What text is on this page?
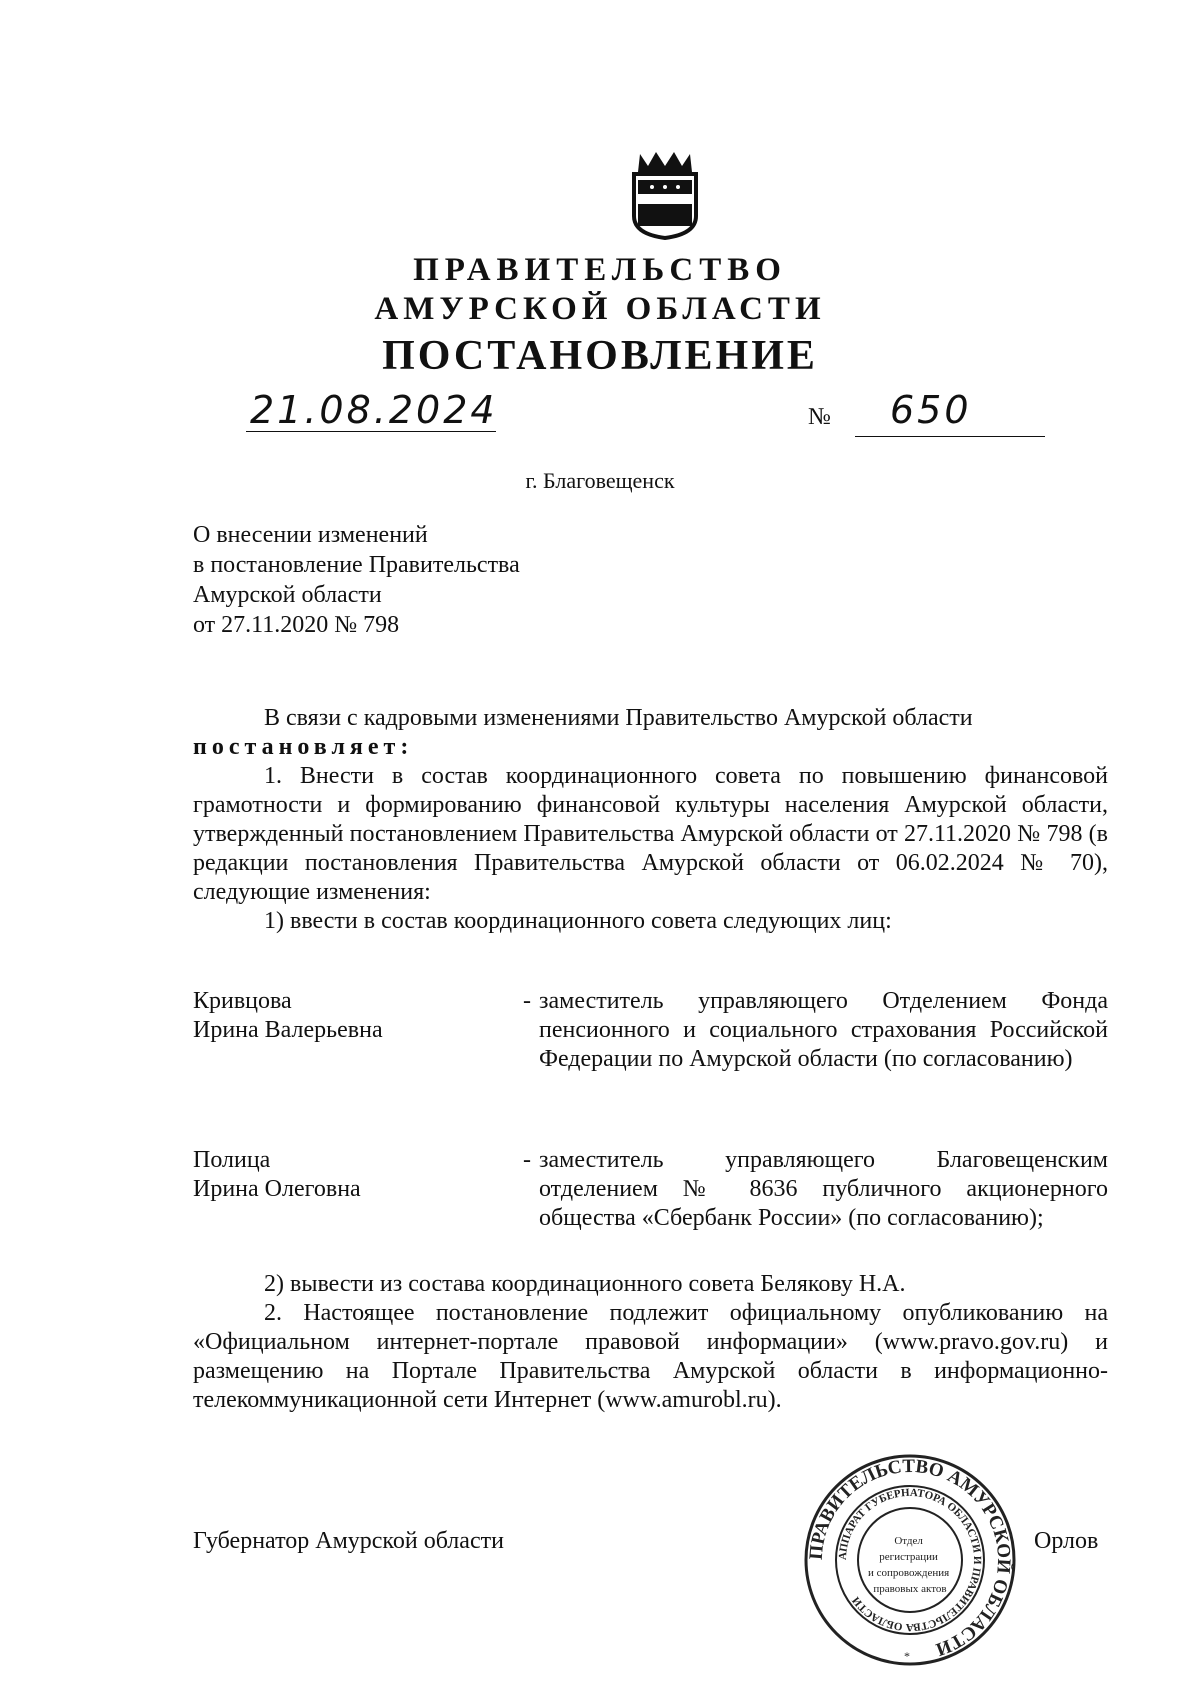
ПРАВИТЕЛЬСТВО
АМУРСКОЙ ОБЛАСТИ
ПОСТАНОВЛЕНИЕ
21.08.2024	№ 650
г. Благовещенск
О внесении изменений
в постановление Правительства
Амурской области
от 27.11.2020 № 798
В связи с кадровыми изменениями Правительство Амурской области
постановляет:
1. Внести в состав координационного совета по повышению финансовой грамотности и формированию финансовой культуры населения Амурской области, утвержденный постановлением Правительства Амурской области от 27.11.2020 № 798 (в редакции постановления Правительства Амурской области от 06.02.2024 № 70), следующие изменения:
1) ввести в состав координационного совета следующих лиц:
Кривцова
Ирина Валерьевна
- заместитель управляющего Отделением Фонда пенсионного и социального страхования Российской Федерации по Амурской области (по согласованию)
Полица
Ирина Олеговна
- заместитель управляющего Благовещенским отделением № 8636 публичного акционерного общества «Сбербанк России» (по согласованию);
2) вывести из состава координационного совета Белякову Н.А.
2. Настоящее постановление подлежит официальному опубликованию на «Официальном интернет-портале правовой информации» (www.pravo.gov.ru) и размещению на Портале Правительства Амурской области в информационно-телекоммуникационной сети Интернет (www.amurobl.ru).
Губернатор Амурской области	ПРАВИТЕЛЬСТВО АМУРСКОЙ ОБЛАСТИ
АППАРАТ ГУБЕРНАТОРА ОБЛАСТИ И ПРАВИТЕЛЬСТВА ОБЛАСТИ
Отдел регистрации и сопровождения правовых актов
*
Орлов
